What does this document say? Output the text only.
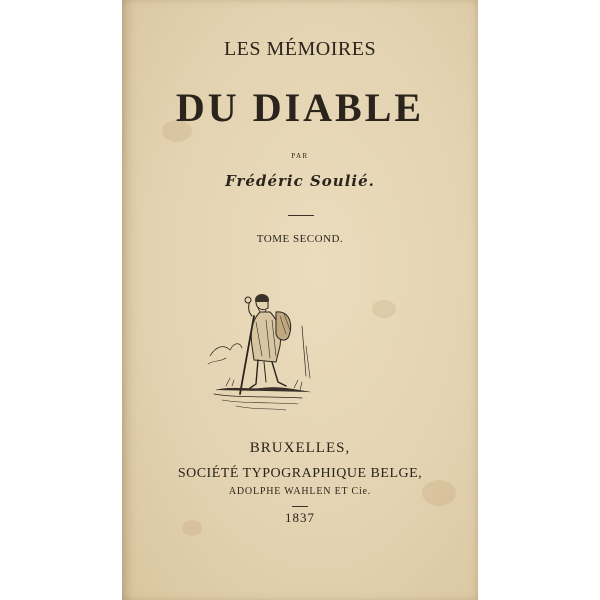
LES MÉMOIRES
DU DIABLE
PAR
Frédéric Soulié.
TOME SECOND.
BRUXELLES,
SOCIÉTÉ TYPOGRAPHIQUE BELGE,
ADOLPHE WAHLEN ET Cie.
1837
